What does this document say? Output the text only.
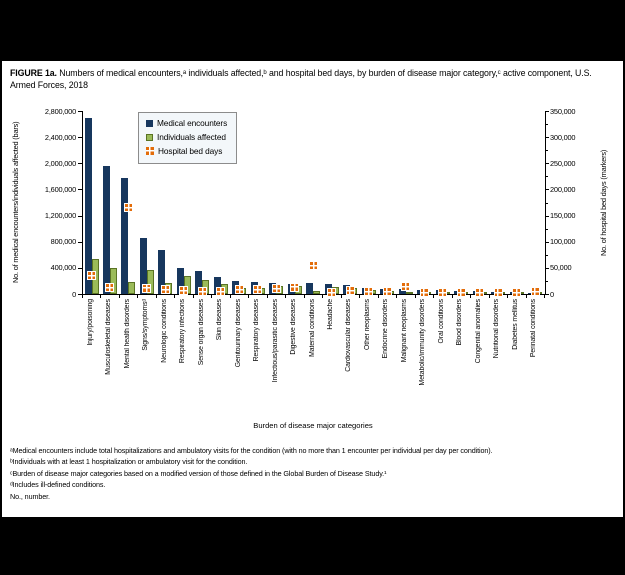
FIGURE 1a. Numbers of medical encounters,ᵃ individuals affected,ᵇ and hospital bed days, by burden of disease major category,ᶜ active component, U.S. Armed Forces, 2018
No. of medical encounters/individuals affected (bars)	No. of hospital bed days (markers)
Medical encounters
Individuals affected
Hospital bed days
Burden of disease major categories
ᵃMedical encounters include total hospitalizations and ambulatory visits for the condition (with no more than 1 encounter per individual per day per condition).
ᵇIndividuals with at least 1 hospitalization or ambulatory visit for the condition.
ᶜBurden of disease major categories based on a modified version of those defined in the Global Burden of Disease Study.¹
ᵈIncludes ill-defined conditions.
No., number.
0
400,000
800,000
1,200,000
1,600,000
2,000,000
2,400,000
2,800,000
0
50,000
100,000
150,000
200,000
250,000
300,000
350,000
Injury/poisoning Musculoskeletal diseases Mental health disorders Signs/symptomsᵈ Neurologic conditions Respiratory infections Sense organ diseases Skin diseases Genitourinary diseases Respiratory diseases Infectious/parasitic diseases Digestive diseases Maternal conditions Headache Cardiovascular diseases Other neoplasms Endocrine disorders Malignant neoplasms Metabolic/immunity disorders Oral conditions Blood disorders Congenital anomalies Nutritional disorders Diabetes mellitus Perinatal conditions
